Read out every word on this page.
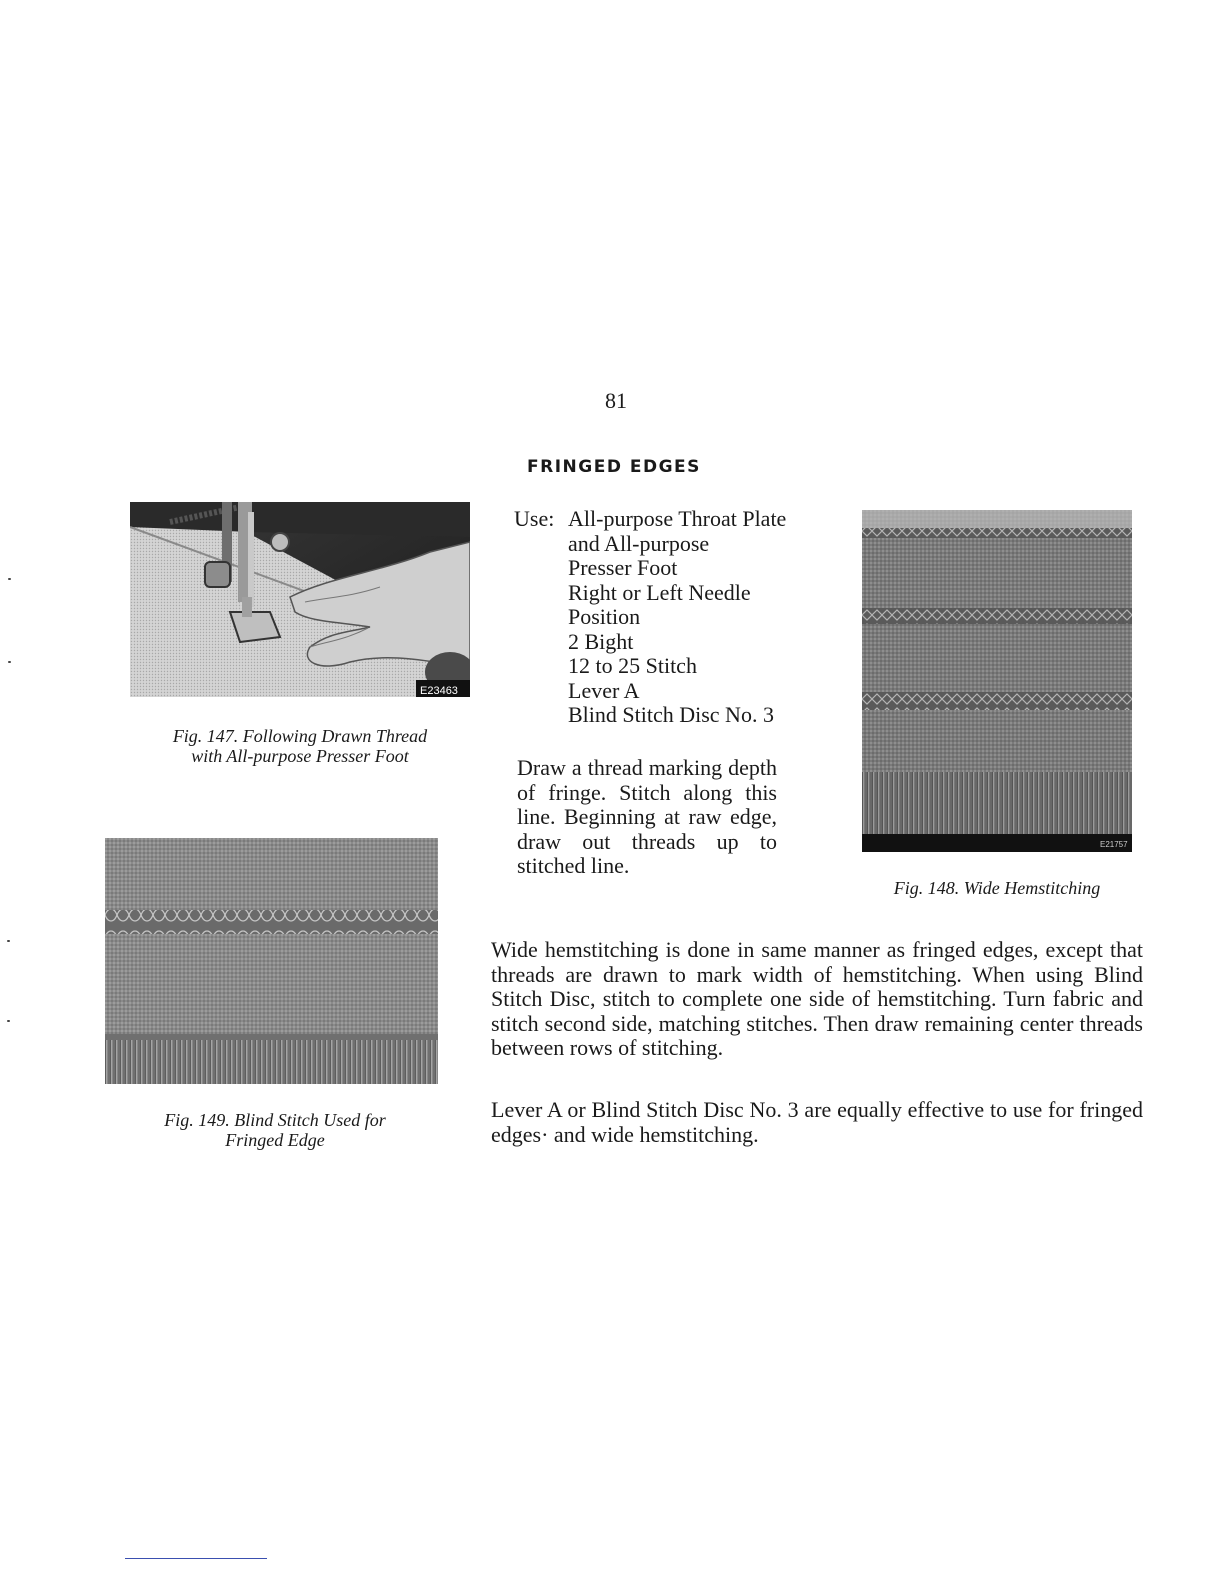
81
FRINGED EDGES
E23463
Fig. 147. Following Drawn Thread
with All-purpose Presser Foot
Use: All-purpose Throat Plate
and All-purpose
Presser Foot
Right or Left Needle
Position
2 Bight
12 to 25 Stitch
Lever A
Blind Stitch Disc No. 3

Draw a thread marking depth of fringe. Stitch along this line. Beginning at raw edge, draw out threads up to stitched line.

E21757
Fig. 148. Wide Hemstitching
Fig. 149. Blind Stitch Used for
Fringed Edge

Wide hemstitching is done in same manner as fringed edges, except that threads are drawn to mark width of hemstitching. When using Blind Stitch Disc, stitch to complete one side of hemstitching. Turn fabric and stitch second side, matching stitches. Then draw remaining center threads between rows of stitching.

Lever A or Blind Stitch Disc No. 3 are equally effective to use for fringed edges· and wide hemstitching.
